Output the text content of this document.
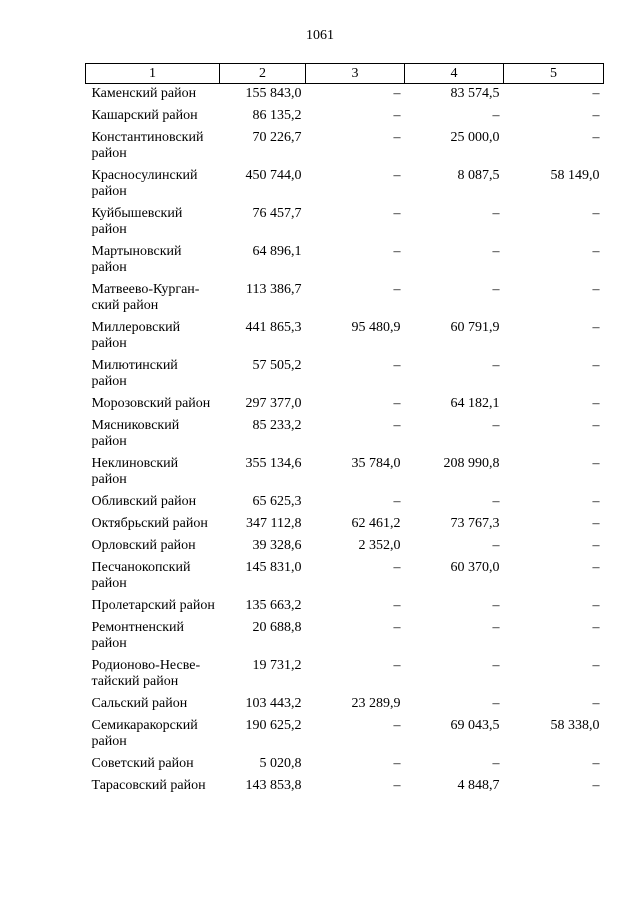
1061
1	2	3	4	5
Каменский район	155 843,0	–	83 574,5	–
Кашарский район	86 135,2	–	–	–
Константиновский район	70 226,7	–	25 000,0	–
Красносулинский район	450 744,0	–	8 087,5	58 149,0
Куйбышевский район	76 457,7	–	–	–
Мартыновский район	64 896,1	–	–	–
Матвеево-Курган-ский район	113 386,7	–	–	–
Миллеровский район	441 865,3	95 480,9	60 791,9	–
Милютинский район	57 505,2	–	–	–
Морозовский район	297 377,0	–	64 182,1	–
Мясниковский район	85 233,2	–	–	–
Неклиновский район	355 134,6	35 784,0	208 990,8	–
Обливский район	65 625,3	–	–	–
Октябрьский район	347 112,8	62 461,2	73 767,3	–
Орловский район	39 328,6	2 352,0	–	–
Песчанокопский район	145 831,0	–	60 370,0	–
Пролетарский район	135 663,2	–	–	–
Ремонтненский район	20 688,8	–	–	–
Родионово-Несве-тайский район	19 731,2	–	–	–
Сальский район	103 443,2	23 289,9	–	–
Семикаракорский район	190 625,2	–	69 043,5	58 338,0
Советский район	5 020,8	–	–	–
Тарасовский район	143 853,8	–	4 848,7	–
